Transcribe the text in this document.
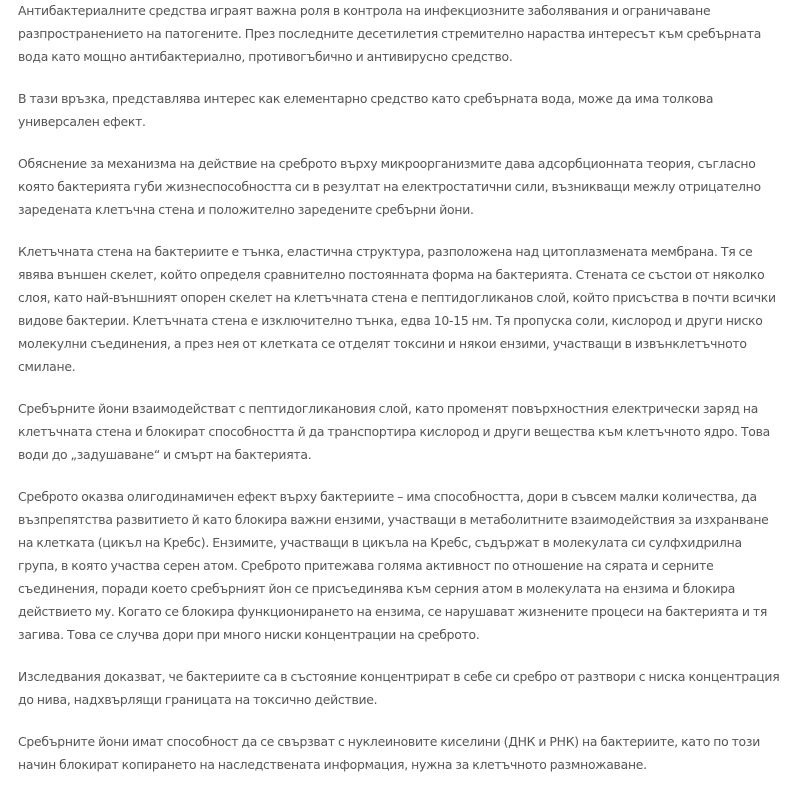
Антибактериалните средства играят важна роля в контрола на инфекциозните заболявания и ограничаване разпространението на патогените. През последните десетилетия стремително нараства интересът към сребърната вода като мощно антибактериално, противогъбично и антивирусно средство.

В тази връзка, представлява интерес как елементарно средство като сребърната вода, може да има толкова универсален ефект.

Обяснение за механизма на действие на среброто върху микроорганизмите дава адсорбционната теория, съгласно която бактерията губи жизнеспособността си в резултат на електростатични сили, възникващи межлу отрицателно заредената клетъчна стена и положително заредените сребърни йони.

Клетъчната стена на бактериите е тънка, еластична структура, разположена над цитоплазмената мембрана. Тя се явява външен скелет, който определя сравнително постоянната форма на бактерията. Стената се състои от няколко слоя, като най-външният опорен скелет на клетъчната стена е пептидогликанов слой, който присъства в почти всички видове бактерии. Клетъчната стена е изключително тънка, едва 10-15 нм. Тя пропуска соли, кислород и други ниско молекулни съединения, а през нея от клетката се отделят токсини и някои ензими, участващи в извънклетъчното смилане.

Сребърните йони взаимодействат с пептидогликановия слой, като променят повърхностния електрически заряд на клетъчната стена и блокират способността й да транспортира кислород и други вещества към клетъчното ядро. Това води до „задушаване“ и смърт на бактерията.

Среброто оказва олигодинамичен ефект върху бактериите – има способността, дори в съвсем малки количества, да възпрепятства развитието й като блокира важни ензими, участващи в метаболитните взаимодействия за изхранване на клетката (цикъл на Кребс). Ензимите, участващи в цикъла на Кребс, съдържат в молекулата си сулфхидрилна група, в която участва серен атом. Среброто притежава голяма активност по отношение на сярата и серните съединения, поради което сребърният йон се присъединява към серния атом в молекулата на ензима и блокира действието му. Когато се блокира функционирането на ензима, се нарушават жизнените процеси на бактерията и тя загива. Това се случва дори при много ниски концентрации на среброто.

Изследвания доказват, че бактериите са в състояние концентрират в себе си сребро от разтвори с ниска концентрация до нива, надхвърлящи границата на токсично действие.

Сребърните йони имат способност да се свързват с нуклеиновите киселини (ДНК и РНК) на бактериите, като по този начин блокират копирането на наследствената информация, нужна за клетъчното размножаване.
